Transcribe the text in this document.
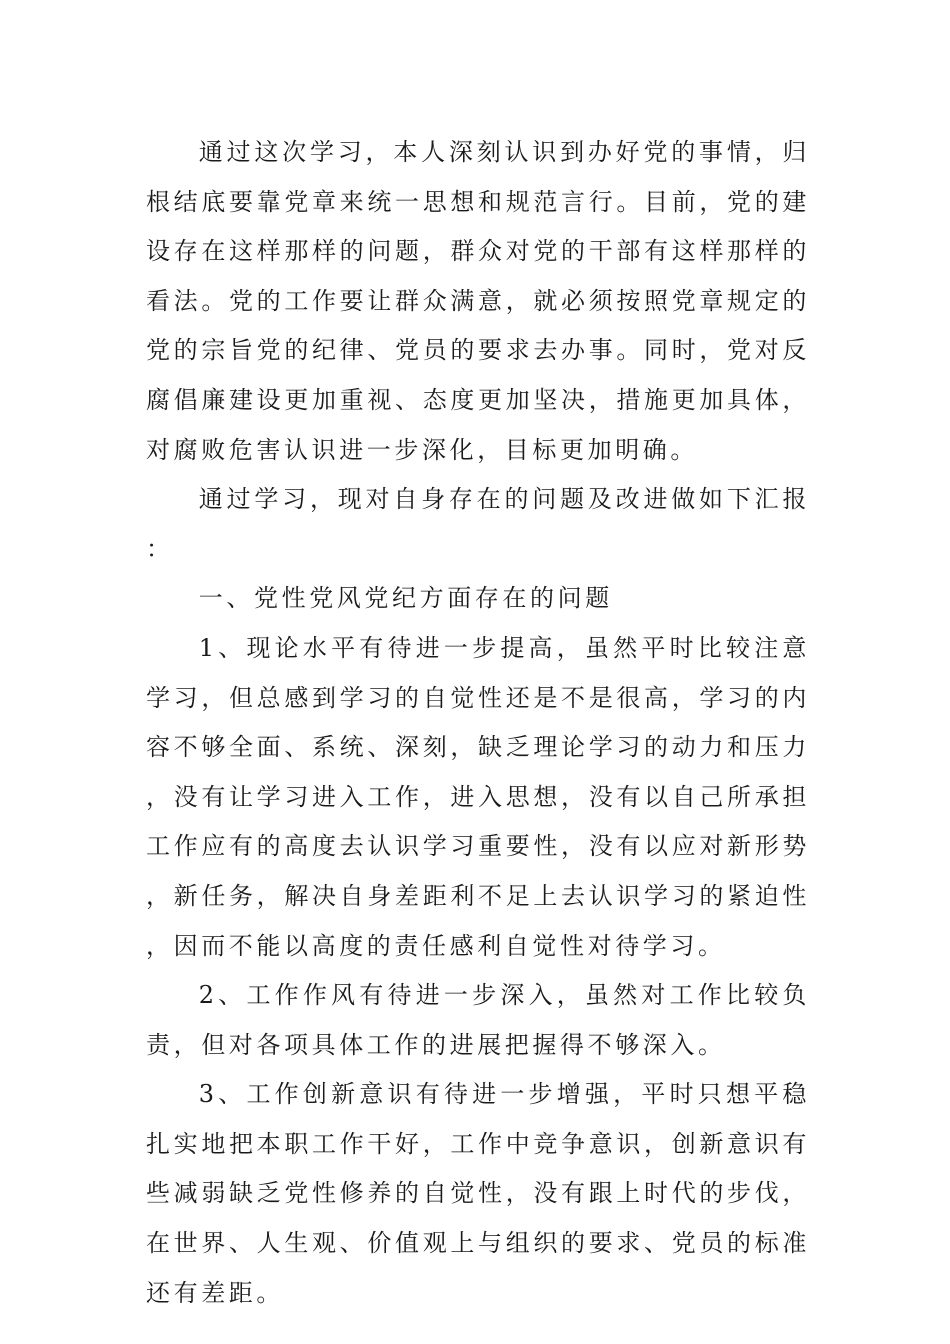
通过这次学习，本人深刻认识到办好党的事情，归根结底要靠党章来统一思想和规范言行。目前，党的建设存在这样那样的问题，群众对党的干部有这样那样的看法。党的工作要让群众满意，就必须按照党章规定的党的宗旨党的纪律、党员的要求去办事。同时，党对反腐倡廉建设更加重视、态度更加坚决，措施更加具体，对腐败危害认识进一步深化，目标更加明确。

通过学习，现对自身存在的问题及改进做如下汇报：

一、党性党风党纪方面存在的问题

1、现论水平有待进一步提高，虽然平时比较注意学习，但总感到学习的自觉性还是不是很高，学习的内容不够全面、系统、深刻，缺乏理论学习的动力和压力，没有让学习进入工作，进入思想，没有以自己所承担工作应有的高度去认识学习重要性，没有以应对新形势，新任务，解决自身差距利不足上去认识学习的紧迫性，因而不能以高度的责任感利自觉性对待学习。

2、工作作风有待进一步深入，虽然对工作比较负责，但对各项具体工作的进展把握得不够深入。

3、工作创新意识有待进一步增强，平时只想平稳扎实地把本职工作干好，工作中竞争意识，创新意识有些减弱缺乏党性修养的自觉性，没有跟上时代的步伐，在世界、人生观、价值观上与组织的要求、党员的标准还有差距。
